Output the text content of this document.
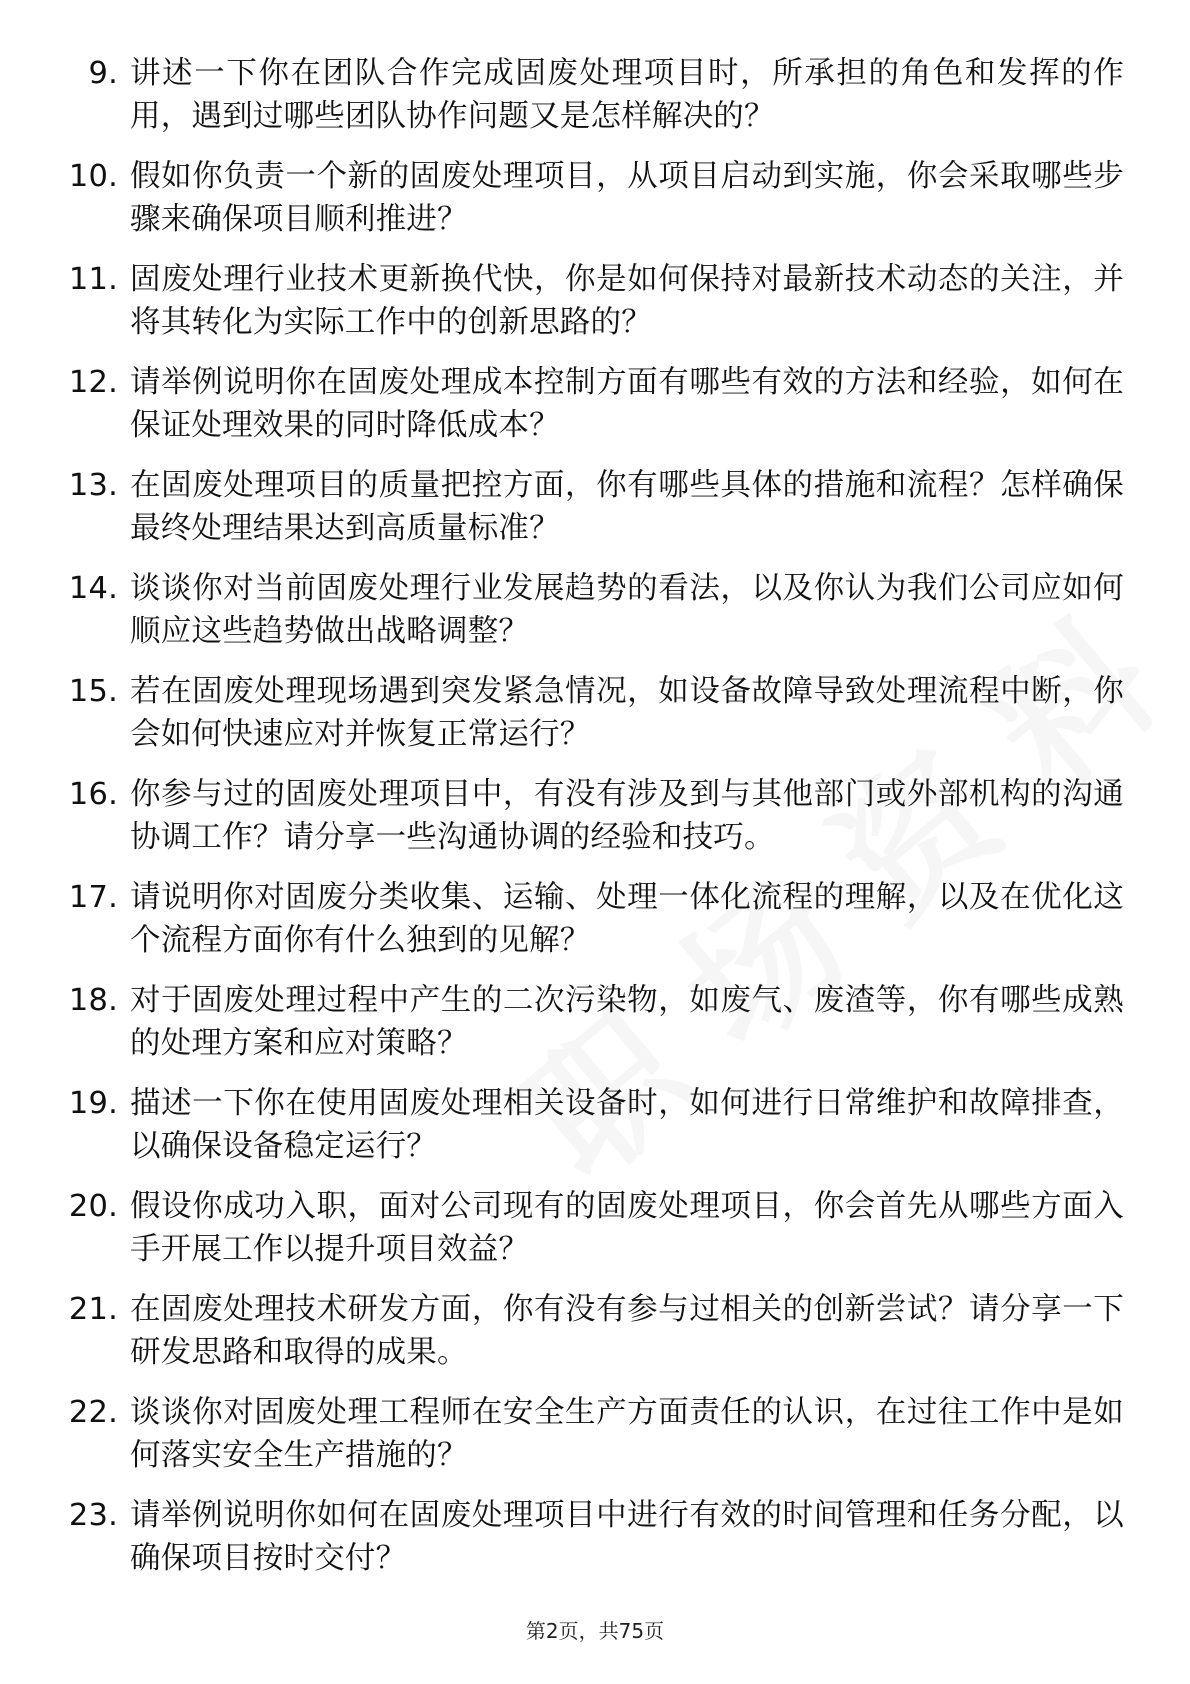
9. 讲述一下你在团队合作完成固废处理项目时，所承担的角色和发挥的作用，遇到过哪些团队协作问题又是怎样解决的？
10. 假如你负责一个新的固废处理项目，从项目启动到实施，你会采取哪些步骤来确保项目顺利推进？
11. 固废处理行业技术更新换代快，你是如何保持对最新技术动态的关注，并将其转化为实际工作中的创新思路的？
12. 请举例说明你在固废处理成本控制方面有哪些有效的方法和经验，如何在保证处理效果的同时降低成本？
13. 在固废处理项目的质量把控方面，你有哪些具体的措施和流程？怎样确保最终处理结果达到高质量标准？
14. 谈谈你对当前固废处理行业发展趋势的看法，以及你认为我们公司应如何顺应这些趋势做出战略调整？
15. 若在固废处理现场遇到突发紧急情况，如设备故障导致处理流程中断，你会如何快速应对并恢复正常运行？
16. 你参与过的固废处理项目中，有没有涉及到与其他部门或外部机构的沟通协调工作？请分享一些沟通协调的经验和技巧。
17. 请说明你对固废分类收集、运输、处理一体化流程的理解，以及在优化这个流程方面你有什么独到的见解？
18. 对于固废处理过程中产生的二次污染物，如废气、废渣等，你有哪些成熟的处理方案和应对策略？
19. 描述一下你在使用固废处理相关设备时，如何进行日常维护和故障排查，以确保设备稳定运行？
20. 假设你成功入职，面对公司现有的固废处理项目，你会首先从哪些方面入手开展工作以提升项目效益？
21. 在固废处理技术研发方面，你有没有参与过相关的创新尝试？请分享一下研发思路和取得的成果。
22. 谈谈你对固废处理工程师在安全生产方面责任的认识，在过往工作中是如何落实安全生产措施的？
23. 请举例说明你如何在固废处理项目中进行有效的时间管理和任务分配，以确保项目按时交付？
第2页，共75页
